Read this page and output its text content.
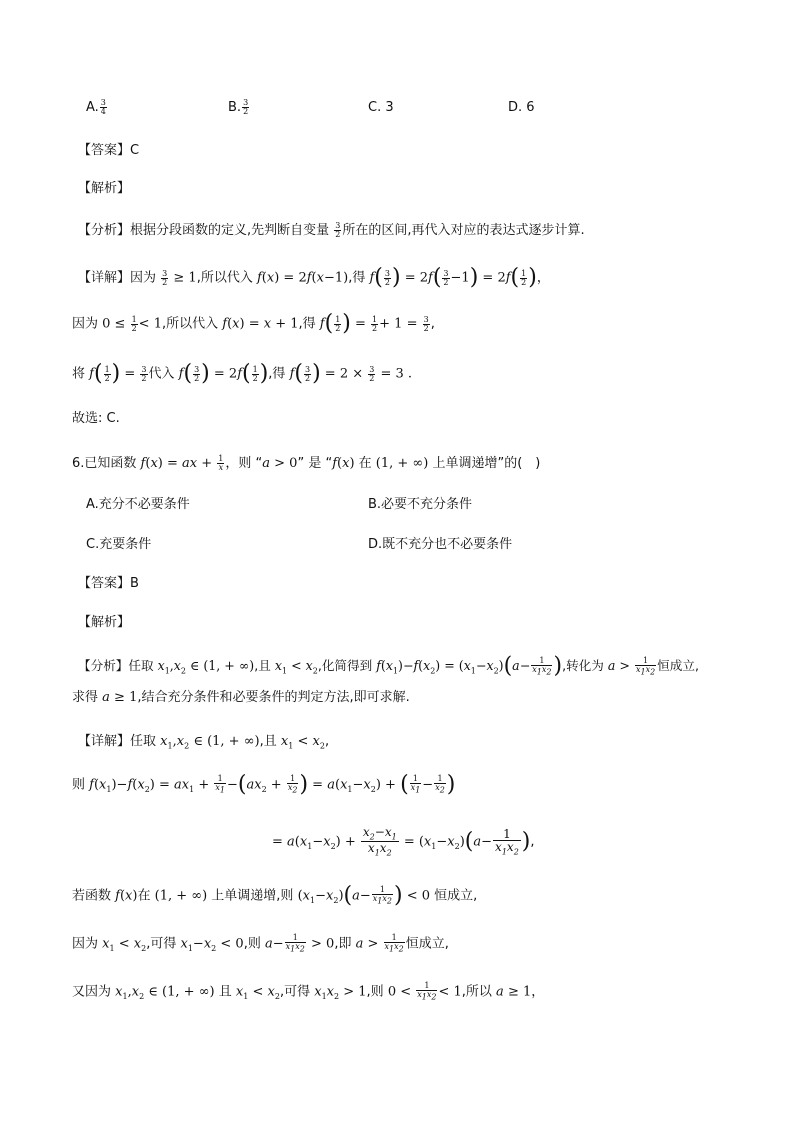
A. $\frac{3}{4}$	B. $\frac{3}{2}$	C. 3	D. 6
【答案】C
【解析】
【分析】根据分段函数的定义,先判断自变量 $\frac{3}{2}$ 所在的区间,再代入对应的表达式逐步计算.
【详解】因为 $\frac{3}{2} \ge 1$,所以代入 f(x) = 2f(x−1),得 $f( \frac{3}{2}$ ) = $2f( \frac{3}{2} -1) = 2f( \frac{1}{2}$ )，
因为 $0 \le \frac{1}{2} < 1$,所以代入 f(x) = x + 1,得 $f( \frac{1}{2}$ ) = $\frac{1}{2} + 1 = \frac{3}{2}$ ,
将 $f( \frac{1}{2}$ ) = $\frac{3}{2}$ 代入 $f( \frac{3}{2}$ ) = $2f( \frac{1}{2}$ ),得 $f( \frac{3}{2}$ ) = $2 \times \frac{3}{2} = 3$ .
故选: C.
6.已知函数 f(x) = ax + $\frac{1}{x}$ ，则 “a > 0” 是 “f(x) 在 (1, + ∞) 上单调递增”的(　)
A.充分不必要条件	B.必要不充分条件
C.充要条件	D.既不充分也不必要条件
【答案】B
【解析】
【分析】任取 $x_1,x_2$ ∈ (1, + ∞),且 $x_1 < x_2$,化简得到 $f(x_1)-f(x_2) = (x_1-x_2)(a- \frac{1}{x_1x_2}$ ),转化为 $a > \frac{1}{x_1x_2}$ 恒成立,
求得 a ≥ 1,结合充分条件和必要条件的判定方法,即可求解.
【详解】任取 $x_1,x_2$ ∈ (1, + ∞),且 $x_1 < x_2$,
则 $f(x_1)-f(x_2) = ax_1 + \frac{1}{x_1} -(ax_2 + \frac{1}{x_2}$ ) = $a(x_1-x_2)$ + ( $\frac{1}{x_1} - \frac{1}{x_2}$ )
= $a(x_1-x_2) + \frac{x_2-x_1}{x_1x_2} = (x_1-x_2)(a- \frac{1}{x_1x_2}$ ),
若函数 f(x)在 (1, + ∞) 上单调递增,则 $(x_1-x_2)(a- \frac{1}{x_1x_2}$ ) < 0 恒成立,
因为 $x_1 < x_2$,可得 $x_1-x_2 < 0$,则 $a- \frac{1}{x_1x_2} > 0$,即 $a > \frac{1}{x_1x_2}$ 恒成立,
又因为 $x_1,x_2$ ∈ (1, + ∞) 且 $x_1 < x_2$,可得 $x_1x_2 > 1$,则 $0 < \frac{1}{x_1x_2} < 1$,所以 a ≥ 1，
